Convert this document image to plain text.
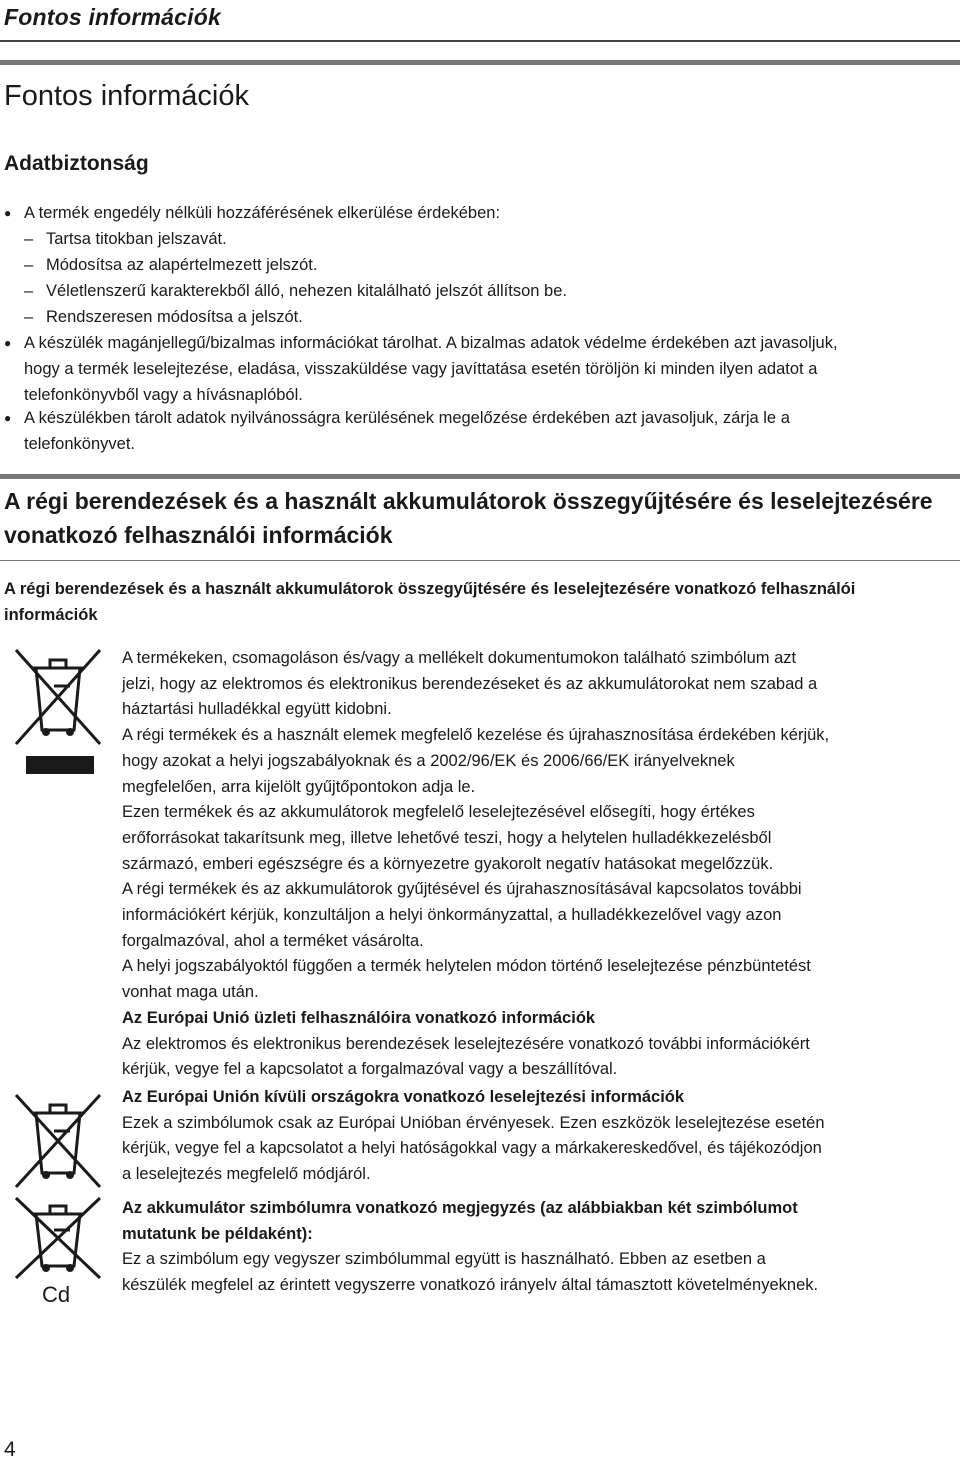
Fontos információk
Fontos információk
Adatbiztonság
● A termék engedély nélküli hozzáférésének elkerülése érdekében:
– Tartsa titokban jelszavát.
– Módosítsa az alapértelmezett jelszót.
– Véletlenszerű karakterekből álló, nehezen kitalálható jelszót állítson be.
– Rendszeresen módosítsa a jelszót.
● A készülék magánjellegű/bizalmas információkat tárolhat. A bizalmas adatok védelme érdekében azt javasoljuk,
hogy a termék leselejtezése, eladása, visszaküldése vagy javíttatása esetén töröljön ki minden ilyen adatot a
telefonkönyvből vagy a hívásnaplóból.
● A készülékben tárolt adatok nyilvánosságra kerülésének megelőzése érdekében azt javasoljuk, zárja le a
telefonkönyvet.

A régi berendezések és a használt akkumulátorok összegyűjtésére és leselejtezésére

vonatkozó felhasználói információk

A régi berendezések és a használt akkumulátorok összegyűjtésére és leselejtezésére vonatkozó felhasználói

információk

A termékeken, csomagoláson és/vagy a mellékelt dokumentumokon található szimbólum azt

jelzi, hogy az elektromos és elektronikus berendezéseket és az akkumulátorokat nem szabad a

háztartási hulladékkal együtt kidobni.

A régi termékek és a használt elemek megfelelő kezelése és újrahasznosítása érdekében kérjük,

hogy azokat a helyi jogszabályoknak és a 2002/96/EK és 2006/66/EK irányelveknek

megfelelően, arra kijelölt gyűjtőpontokon adja le.

Ezen termékek és az akkumulátorok megfelelő leselejtezésével elősegíti, hogy értékes

erőforrásokat takarítsunk meg, illetve lehetővé teszi, hogy a helytelen hulladékkezelésből

származó, emberi egészségre és a környezetre gyakorolt negatív hatásokat megelőzzük.

A régi termékek és az akkumulátorok gyűjtésével és újrahasznosításával kapcsolatos további

információkért kérjük, konzultáljon a helyi önkormányzattal, a hulladékkezelővel vagy azon

forgalmazóval, ahol a terméket vásárolta.

A helyi jogszabályoktól függően a termék helytelen módon történő leselejtezése pénzbüntetést

vonhat maga után.

Az Európai Unió üzleti felhasználóira vonatkozó információk

Az elektromos és elektronikus berendezések leselejtezésére vonatkozó további információkért

kérjük, vegye fel a kapcsolatot a forgalmazóval vagy a beszállítóval.

Az Európai Unión kívüli országokra vonatkozó leselejtezési információk

Ezek a szimbólumok csak az Európai Unióban érvényesek. Ezen eszközök leselejtezése esetén

kérjük, vegye fel a kapcsolatot a helyi hatóságokkal vagy a márkakereskedővel, és tájékozódjon

a leselejtezés megfelelő módjáról.

Cd

Az akkumulátor szimbólumra vonatkozó megjegyzés (az alábbiakban két szimbólumot

mutatunk be példaként):

Ez a szimbólum egy vegyszer szimbólummal együtt is használható. Ebben az esetben a

készülék megfelel az érintett vegyszerre vonatkozó irányelv által támasztott követelményeknek.

4
